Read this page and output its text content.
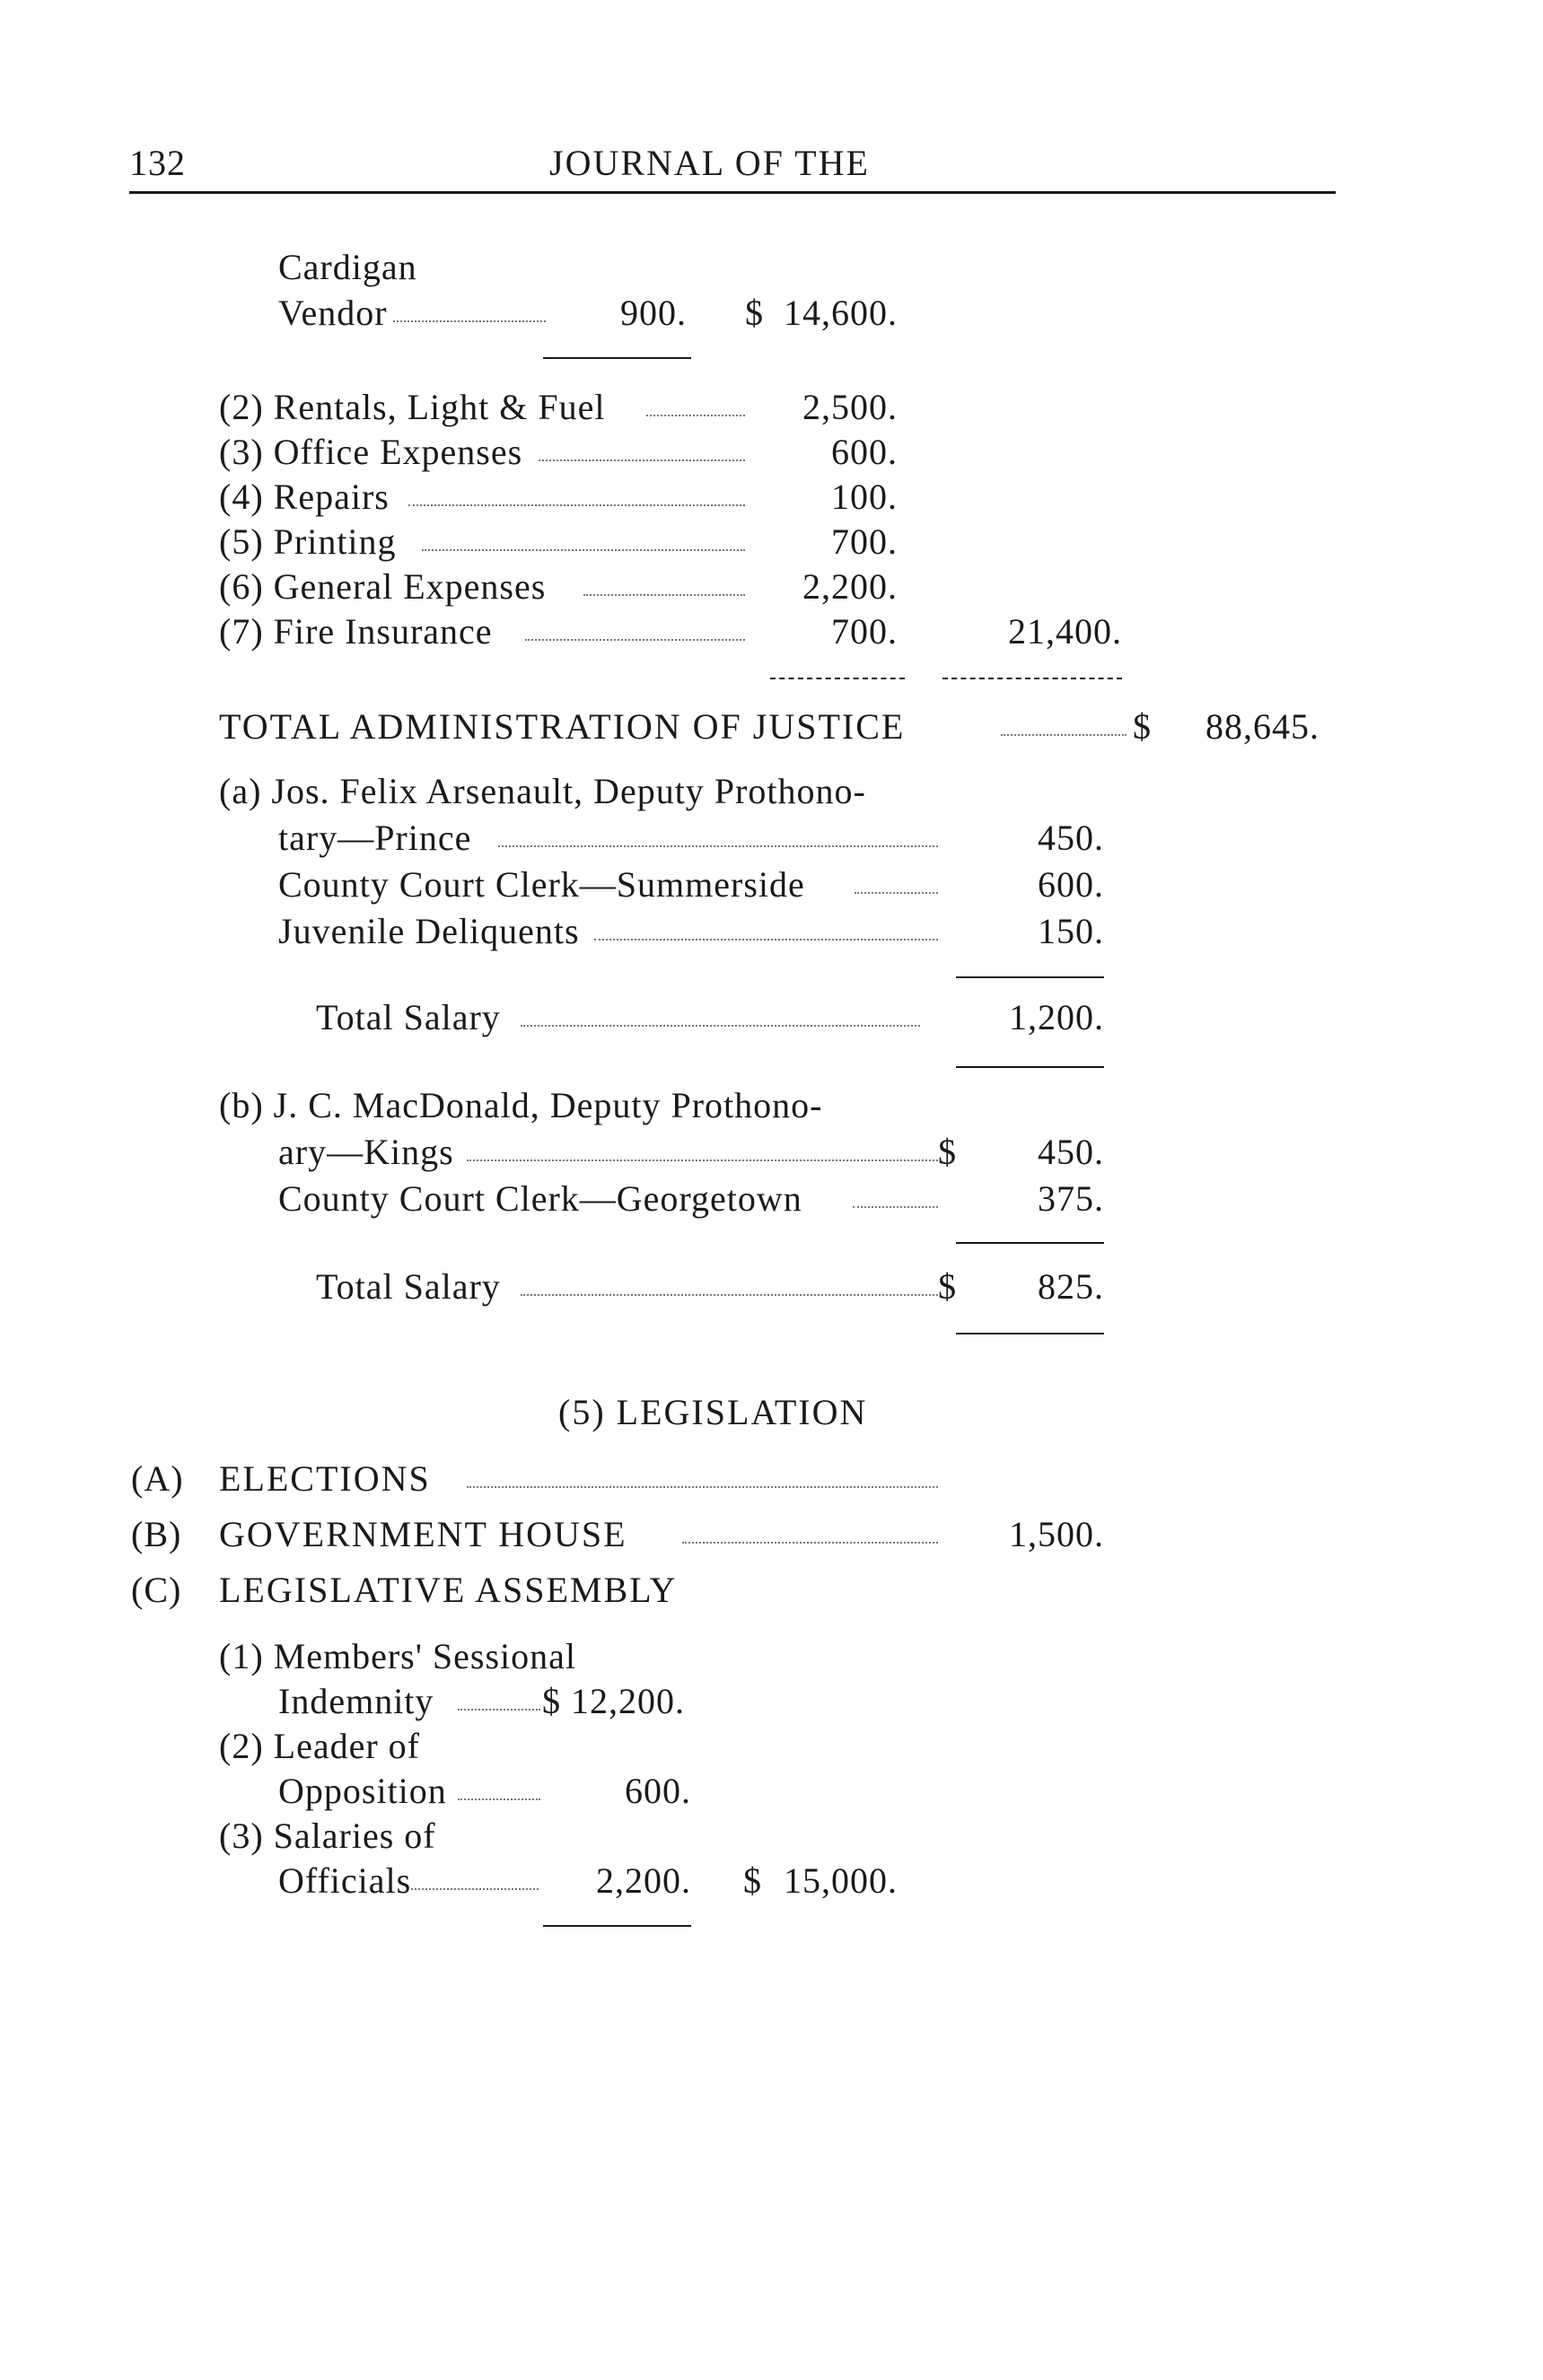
132	JOURNAL OF THE
Cardigan
Vendor	900. $ 14,600.
(2) Rentals, Light & Fuel	2,500.
(3) Office Expenses	600.
(4) Repairs	100.
(5) Printing	700.
(6) General Expenses	2,200.
(7) Fire Insurance	700.	21,400.
TOTAL ADMINISTRATION OF JUSTICE	$	88,645.
(a) Jos. Felix Arsenault, Deputy Prothono-
tary—Prince	450.
County Court Clerk—Summerside	600.
Juvenile Deliquents	150.
Total Salary	1,200.
(b) J. C. MacDonald, Deputy Prothono-
ary—Kings	$	450.
County Court Clerk—Georgetown	375.
Total Salary	$	825.
(5) LEGISLATION
(A) ELECTIONS
(B) GOVERNMENT HOUSE	1,500.
(C) LEGISLATIVE ASSEMBLY
(1) Members' Sessional
Indemnity	$ 12,200.
(2) Leader of
Opposition	600.
(3) Salaries of
Officials	2,200. $ 15,000.
